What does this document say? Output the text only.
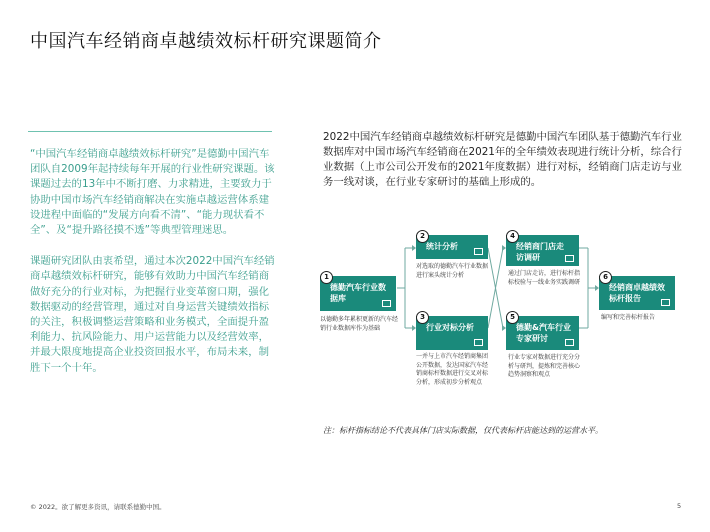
中国汽车经销商卓越绩效标杆研究课题简介

“中国汽车经销商卓越绩效标杆研究”是德勤中国汽车团队自2009年起持续每年开展的行业性研究课题。该课题过去的13年中不断打磨、力求精进，主要致力于协助中国市场汽车经销商解决在实施卓越运营体系建设进程中面临的“发展方向看不清”、“能力现状看不全”、及“提升路径摸不透”等典型管理迷思。

课题研究团队由衷希望，通过本次2022中国汽车经销商卓越绩效标杆研究，能够有效助力中国汽车经销商做好充分的行业对标，为把握行业变革窗口期，强化数据驱动的经营管理，通过对自身运营关键绩效指标的关注，积极调整运营策略和业务模式，全面提升盈利能力、抗风险能力、用户运营能力以及经营效率，并最大限度地提高企业投资回报水平，布局未来，制胜下一个十年。

2022中国汽车经销商卓越绩效标杆研究是德勤中国汽车团队基于德勤汽车行业数据库对中国市场汽车经销商在2021年的全年绩效表现进行统计分析，综合行业数据（上市公司公开发布的2021年度数据）进行对标，经销商门店走访与业务一线对谈，在行业专家研讨的基础上形成的。

德勤汽车行业数据库
1
以德勤多年累积更新的汽车经销行业数据库作为基础
统计分析
2
对选取的德勤汽车行业数据进行案头统计分析
行业对标分析
3
一并与上市汽车经销商集团公开数据，发达国家汽车经销商标杆数据进行交叉对标分析，形成初步分析观点
经销商门店走访调研
4
通过门店走访，进行标杆指标校验与一线业务实践调研
德勤&汽车行业专家研讨
5
行业专家对数据进行充分分析与研判，提炼和完善核心趋势洞察和观点
经销商卓越绩效标杆报告
6
编写和完善标杆报告
注：标杆指标结论不代表具体门店实际数据，仅代表标杆店能达到的运营水平。
© 2022。欲了解更多资讯，请联系德勤中国。	5
